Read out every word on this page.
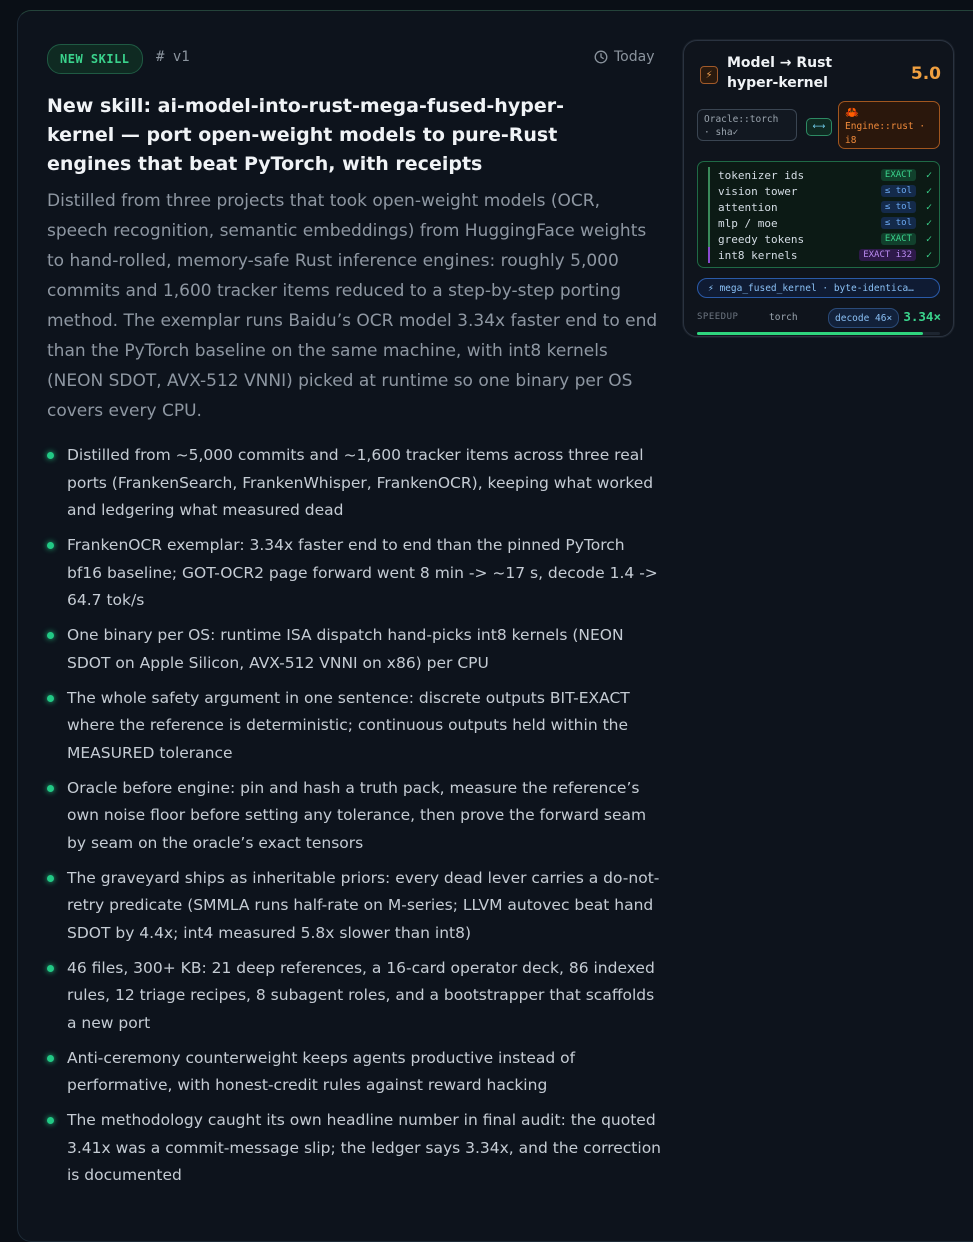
NEW SKILL	# v1	Today
New skill: ai-model-into-rust-mega-fused-hyper-kernel — port open-weight models to pure-Rust engines that beat PyTorch, with receipts

Distilled from three projects that took open-weight models (OCR, speech recognition, semantic embeddings) from HuggingFace weights to hand-rolled, memory-safe Rust inference engines: roughly 5,000 commits and 1,600 tracker items reduced to a step-by-step porting method. The exemplar runs Baidu’s OCR model 3.34x faster end to end than the PyTorch baseline on the same machine, with int8 kernels (NEON SDOT, AVX-512 VNNI) picked at runtime so one binary per OS covers every CPU.

Distilled from ~5,000 commits and ~1,600 tracker items across three real ports (FrankenSearch, FrankenWhisper, FrankenOCR), keeping what worked and ledgering what measured dead
FrankenOCR exemplar: 3.34x faster end to end than the pinned PyTorch bf16 baseline; GOT-OCR2 page forward went 8 min -> ~17 s, decode 1.4 -> 64.7 tok/s
One binary per OS: runtime ISA dispatch hand-picks int8 kernels (NEON SDOT on Apple Silicon, AVX-512 VNNI on x86) per CPU
The whole safety argument in one sentence: discrete outputs BIT-EXACT where the reference is deterministic; continuous outputs held within the MEASURED tolerance
Oracle before engine: pin and hash a truth pack, measure the reference’s own noise floor before setting any tolerance, then prove the forward seam by seam on the oracle’s exact tensors
The graveyard ships as inheritable priors: every dead lever carries a do-not-retry predicate (SMMLA runs half-rate on M-series; LLVM autovec beat hand SDOT by 4.4x; int4 measured 5.8x slower than int8)
46 files, 300+ KB: 21 deep references, a 16-card operator deck, 86 indexed rules, 12 triage recipes, 8 subagent roles, and a bootstrapper that scaffolds a new port
Anti-ceremony counterweight keeps agents productive instead of performative, with honest-credit rules against reward hacking
The methodology caught its own headline number in final audit: the quoted 3.41x was a commit-message slip; the ledger says 3.34x, and the correction is documented
⚡
Model → Rust hyper-kernel	5.0
Oracle::torch
· sha✓	⟷
🦀
Engine::rust ·
i8
tokenizer ids	EXACT	✓
vision tower	≤ tol	✓
attention	≤ tol	✓
mlp / moe	≤ tol	✓
greedy tokens	EXACT	✓
int8 kernels	EXACT i32	✓
⚡ mega_fused_kernel · byte-identica…
SPEEDUP	torch	decode 46× 3.34×
